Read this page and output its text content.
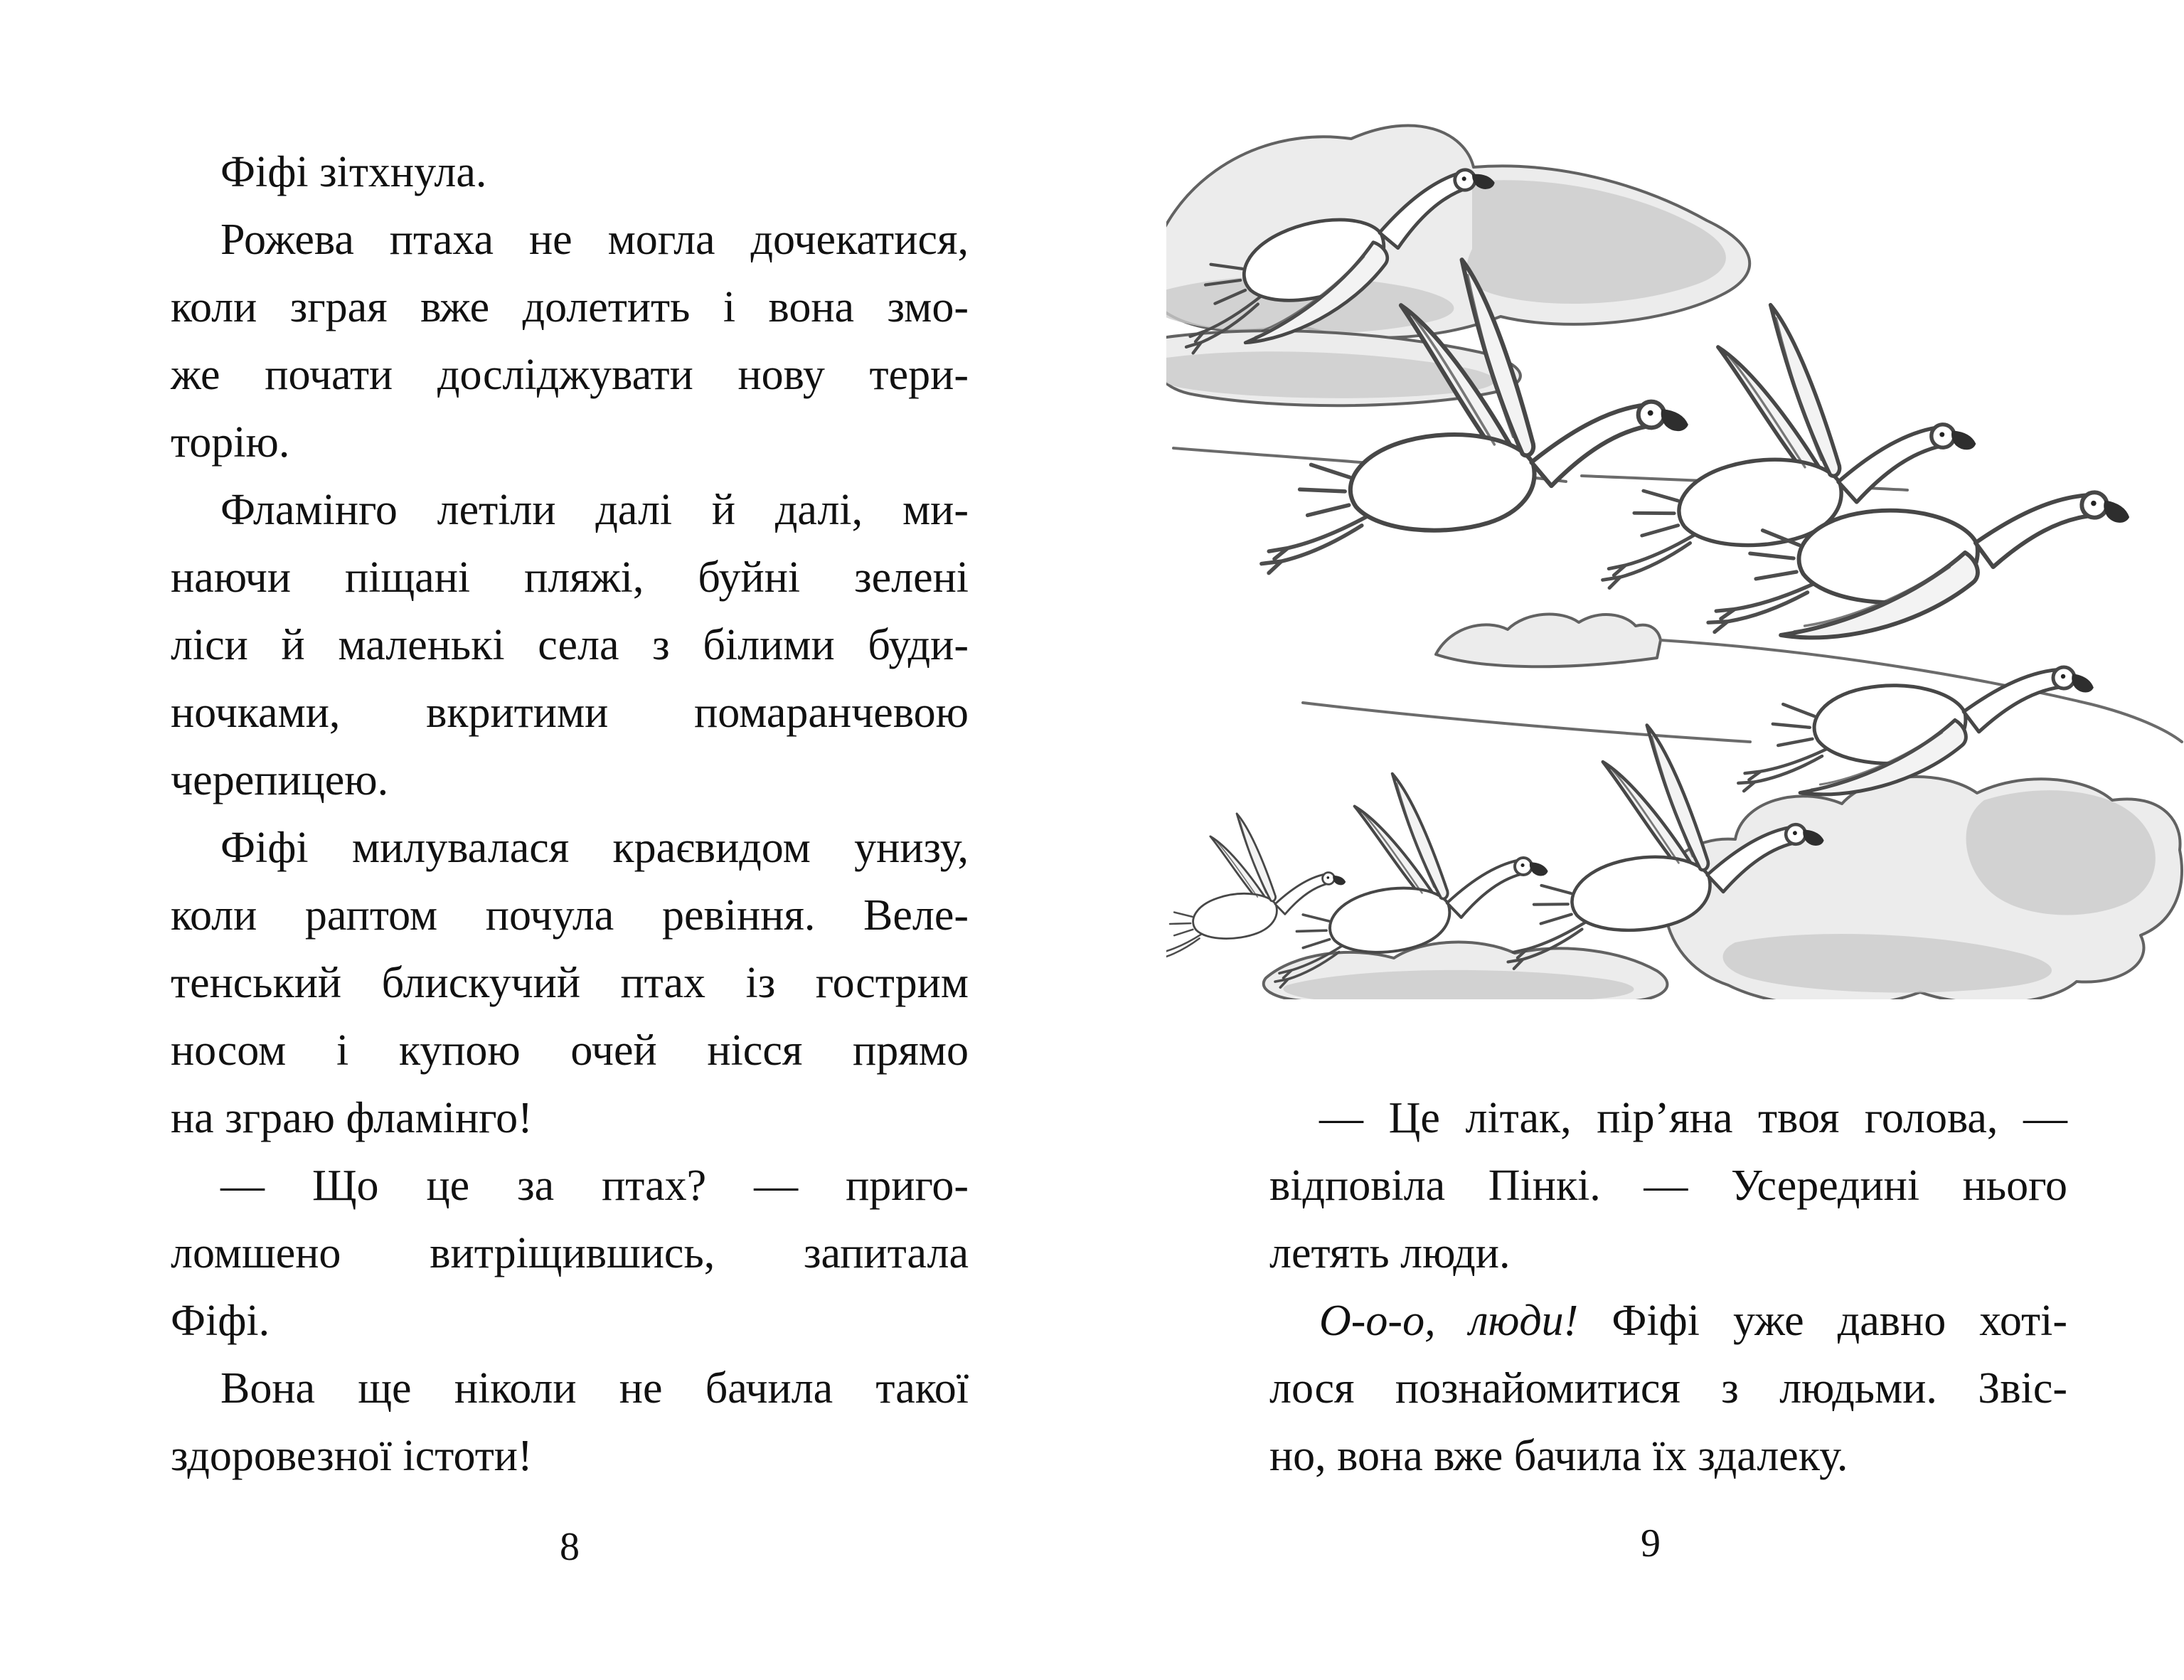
Фіфі зітхнула.
Рожева птаха не могла дочекатися,
коли зграя вже долетить і вона змо-
же почати досліджувати нову тери-
торію.
Фламінго летіли далі й далі, ми-
наючи піщані пляжі, буйні зелені
ліси й маленькі села з білими буди-
ночками, вкритими помаранчевою
черепицею.
Фіфі милувалася краєвидом унизу,
коли раптом почула ревіння. Веле-
тенський блискучий птах із гострим
носом і купою очей нісся прямо
на зграю фламінго!
— Що це за птах? — приго-
ломшено витріщившись, запитала
Фіфі.
Вона ще ніколи не бачила такої
здоровезної істоти!
— Це літак, пір’яна твоя голова, —
відповіла Пінкі. — Усередині нього
летять люди.
О-о-о, люди! Фіфі уже давно хоті-
лося познайомитися з людьми. Звіс-
но, вона вже бачила їх здалеку.
8	9
